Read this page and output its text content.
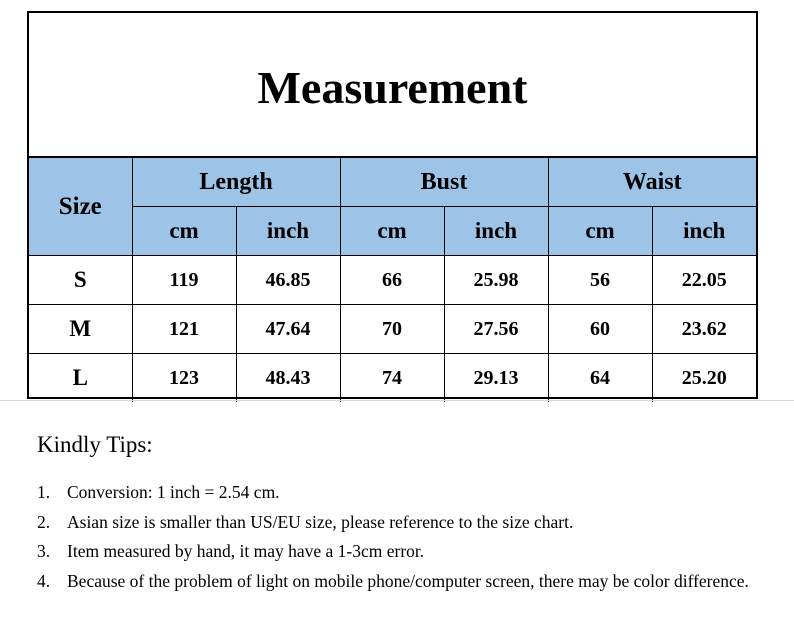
Measurement
Size	Length		Bust		Waist	
	cm	inch	cm	inch	cm	inch
S	119	46.85	66	25.98	56	22.05
M	121	47.64	70	27.56	60	23.62
L	123	48.43	74	29.13	64	25.20
Kindly Tips:
1. Conversion: 1 inch = 2.54 cm.
2. Asian size is smaller than US/EU size, please reference to the size chart.
3. Item measured by hand, it may have a 1-3cm error.
4. Because of the problem of light on mobile phone/computer screen, there may be color difference.
